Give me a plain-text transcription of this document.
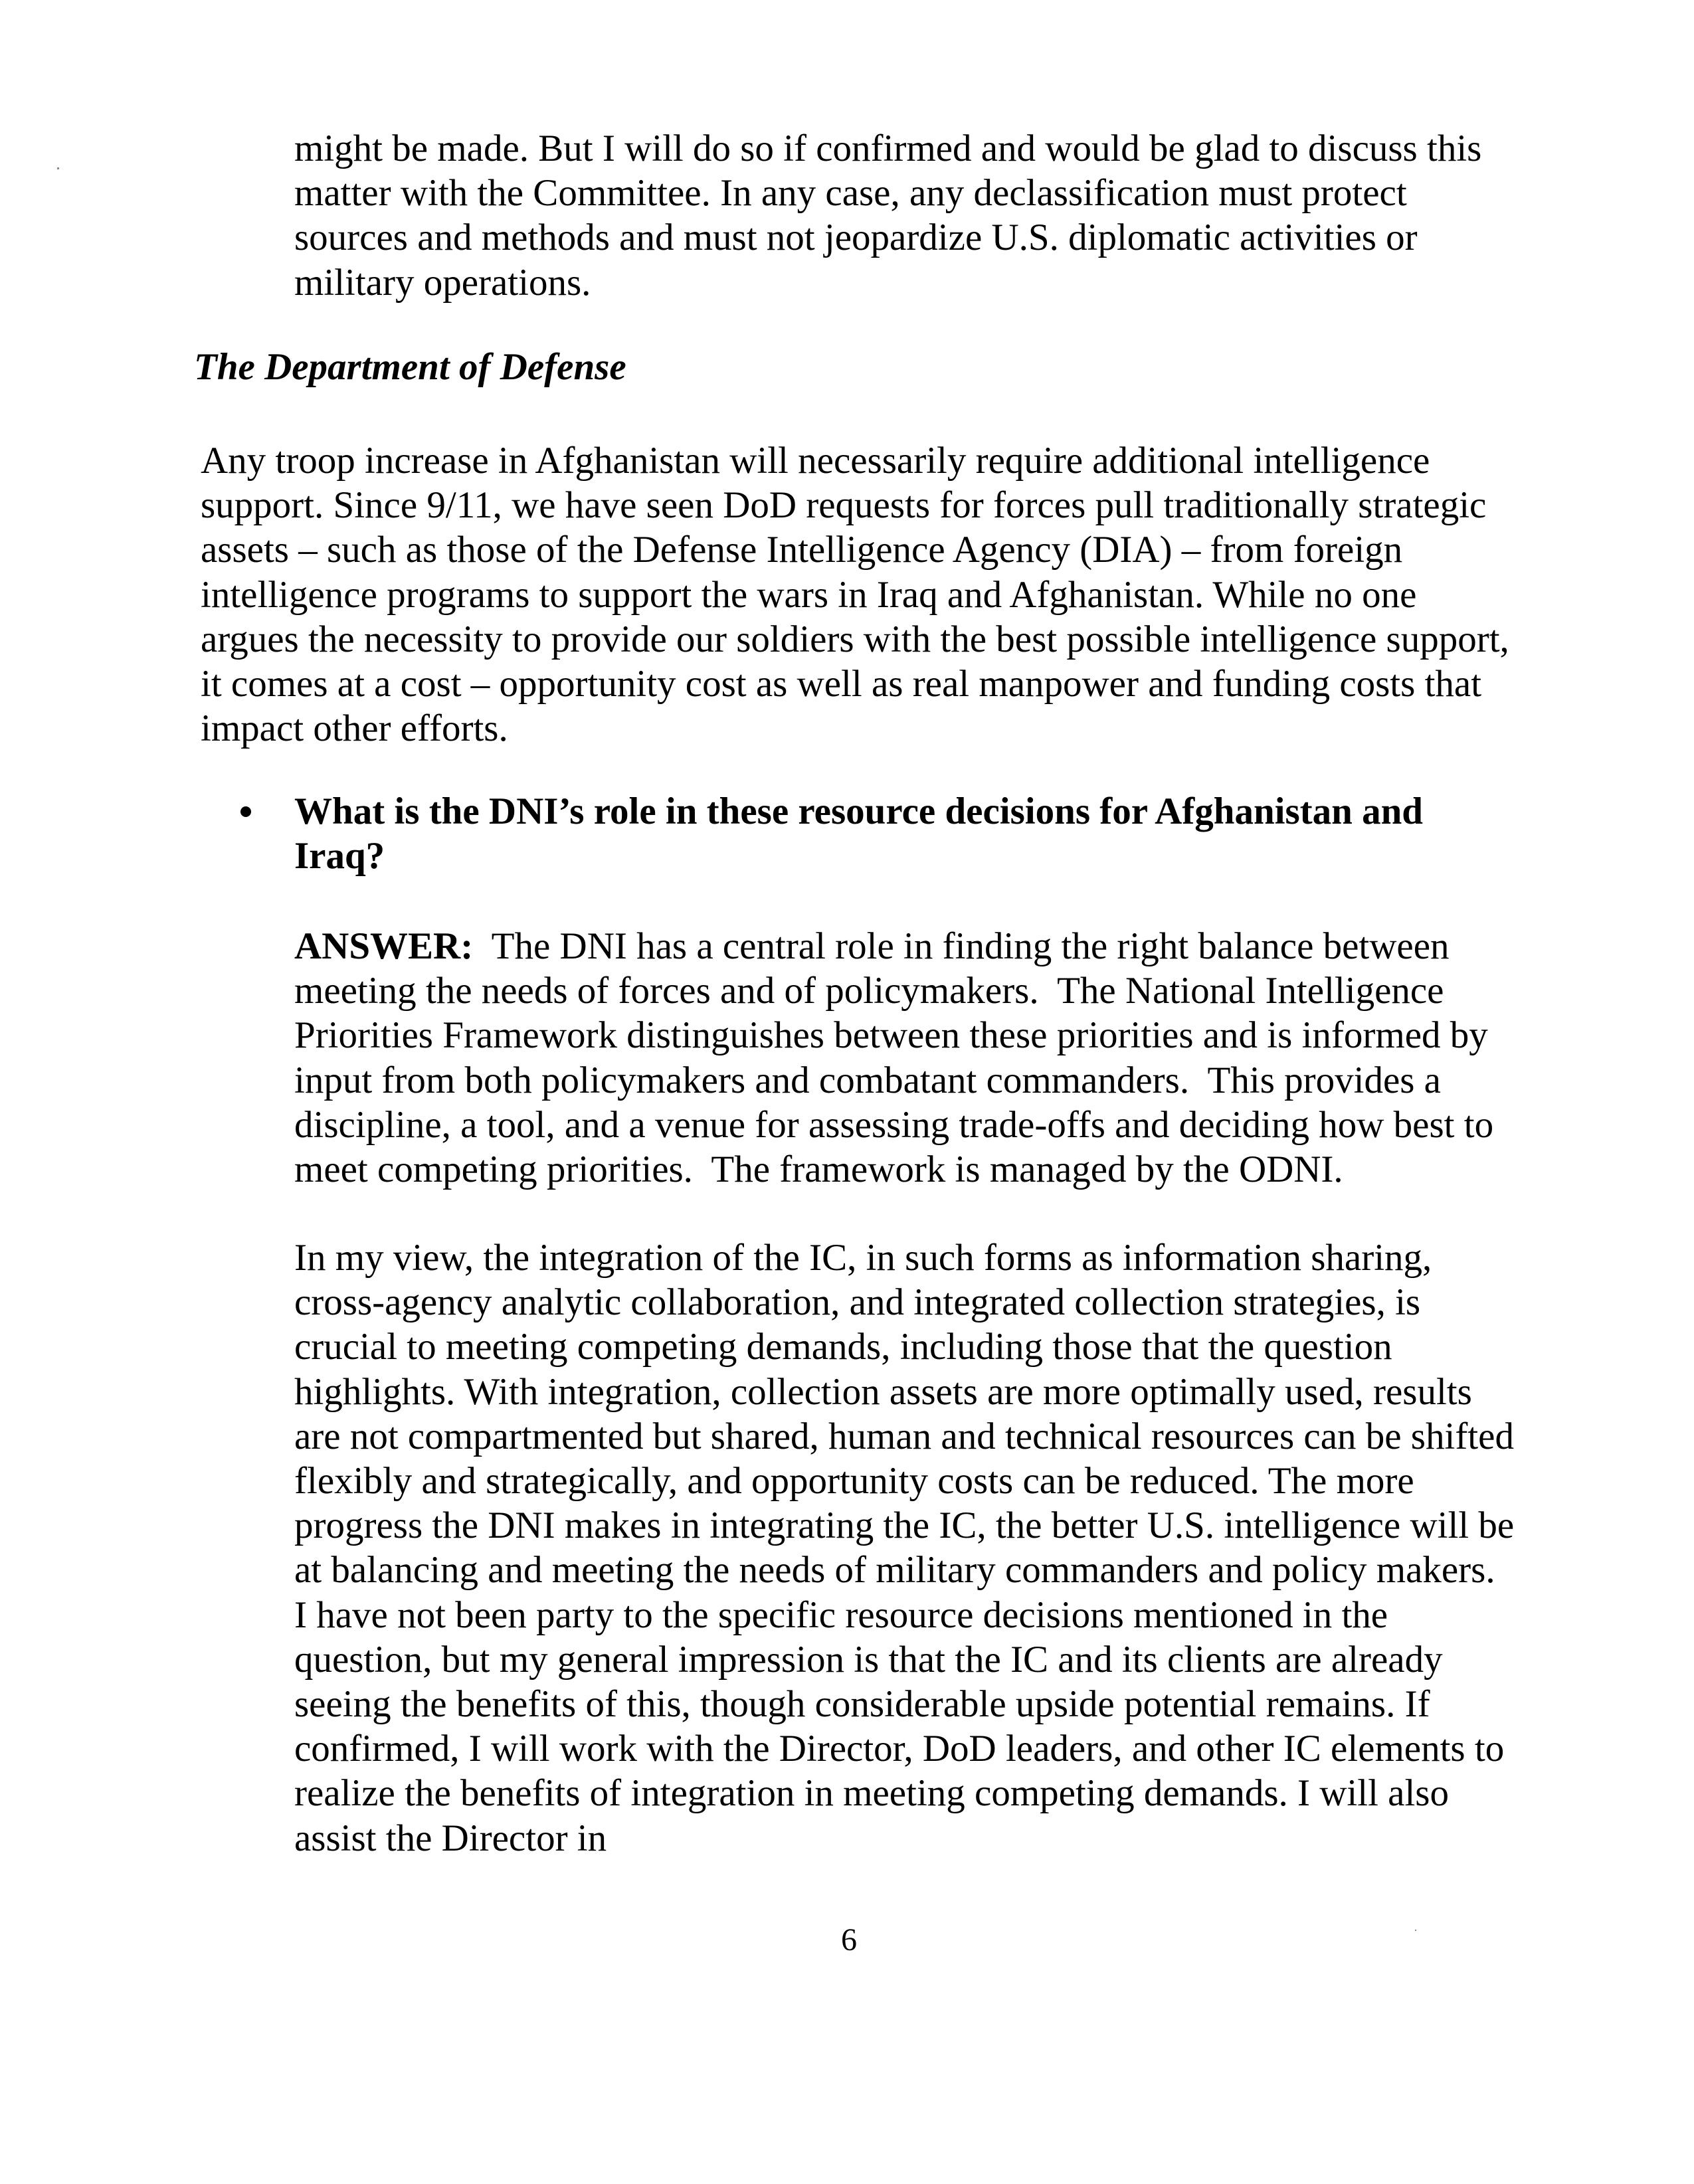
might be made. But I will do so if confirmed and would be glad to discuss this matter with the Committee. In any case, any declassification must protect sources and methods and must not jeopardize U.S. diplomatic activities or military operations.

The Department of Defense

Any troop increase in Afghanistan will necessarily require additional intelligence support. Since 9/11, we have seen DoD requests for forces pull traditionally strategic assets – such as those of the Defense Intelligence Agency (DIA) – from foreign intelligence programs to support the wars in Iraq and Afghanistan. While no one argues the necessity to provide our soldiers with the best possible intelligence support, it comes at a cost – opportunity cost as well as real manpower and funding costs that impact other efforts.

What is the DNI’s role in these resource decisions for Afghanistan and Iraq?

ANSWER:  The DNI has a central role in finding the right balance between meeting the needs of forces and of policymakers.  The National Intelligence Priorities Framework distinguishes between these priorities and is informed by input from both policymakers and combatant commanders.  This provides a discipline, a tool, and a venue for assessing trade-offs and deciding how best to meet competing priorities.  The framework is managed by the ODNI.

In my view, the integration of the IC, in such forms as information sharing, cross-agency analytic collaboration, and integrated collection strategies, is crucial to meeting competing demands, including those that the question highlights. With integration, collection assets are more optimally used, results are not compartmented but shared, human and technical resources can be shifted flexibly and strategically, and opportunity costs can be reduced. The more progress the DNI makes in integrating the IC, the better U.S. intelligence will be at balancing and meeting the needs of military commanders and policy makers. I have not been party to the specific resource decisions mentioned in the question, but my general impression is that the IC and its clients are already seeing the benefits of this, though considerable upside potential remains. If confirmed, I will work with the Director, DoD leaders, and other IC elements to realize the benefits of integration in meeting competing demands. I will also assist the Director in

6
